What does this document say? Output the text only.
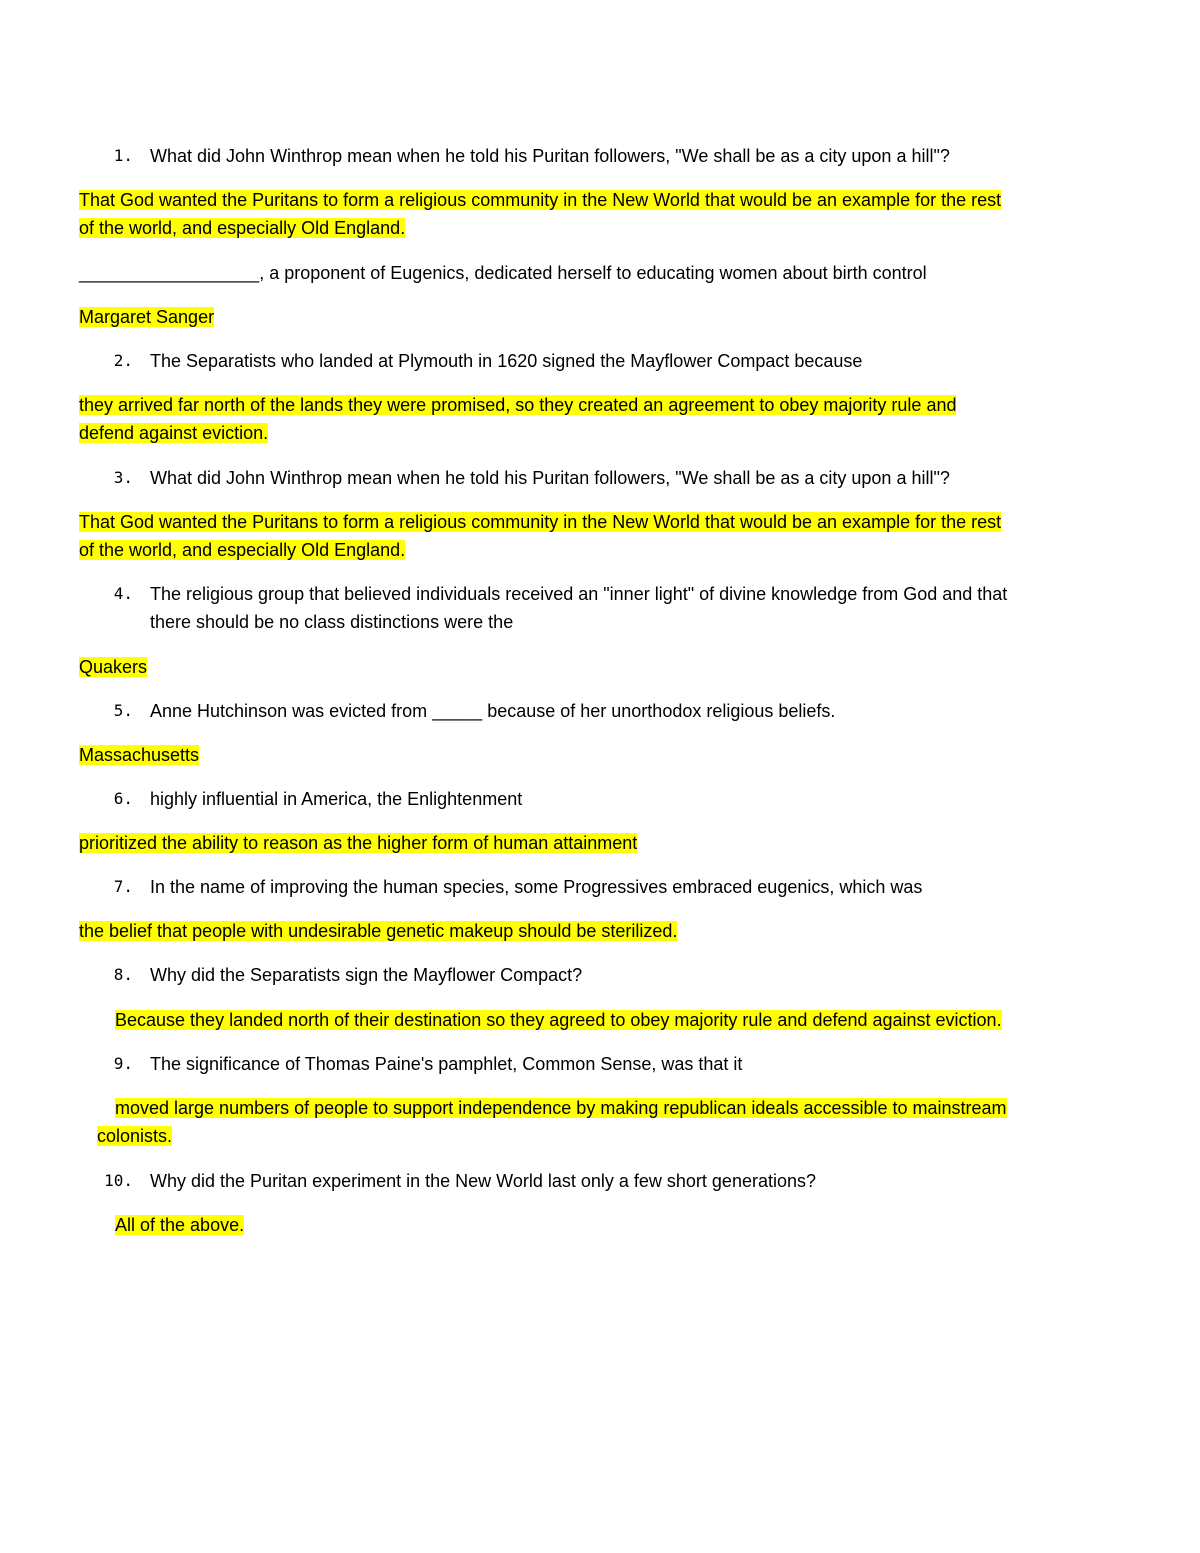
1. What did John Winthrop mean when he told his Puritan followers, "We shall be as a city upon a hill"?
That God wanted the Puritans to form a religious community in the New World that would be an example for the rest
of the world, and especially Old England.
__________________, a proponent of Eugenics, dedicated herself to educating women about birth control
Margaret Sanger
2. The Separatists who landed at Plymouth in 1620 signed the Mayflower Compact because
they arrived far north of the lands they were promised, so they created an agreement to obey majority rule and
defend against eviction.
3. What did John Winthrop mean when he told his Puritan followers, "We shall be as a city upon a hill"?
That God wanted the Puritans to form a religious community in the New World that would be an example for the rest
of the world, and especially Old England.
4. The religious group that believed individuals received an "inner light" of divine knowledge from God and that
there should be no class distinctions were the
Quakers
5. Anne Hutchinson was evicted from _____ because of her unorthodox religious beliefs.
Massachusetts
6. highly influential in America, the Enlightenment
prioritized the ability to reason as the higher form of human attainment
7. In the name of improving the human species, some Progressives embraced eugenics, which was
the belief that people with undesirable genetic makeup should be sterilized.
8. Why did the Separatists sign the Mayflower Compact?
Because they landed north of their destination so they agreed to obey majority rule and defend against eviction.
9. The significance of Thomas Paine's pamphlet, Common Sense, was that it
moved large numbers of people to support independence by making republican ideals accessible to mainstream
colonists.
10. Why did the Puritan experiment in the New World last only a few short generations?
All of the above.
